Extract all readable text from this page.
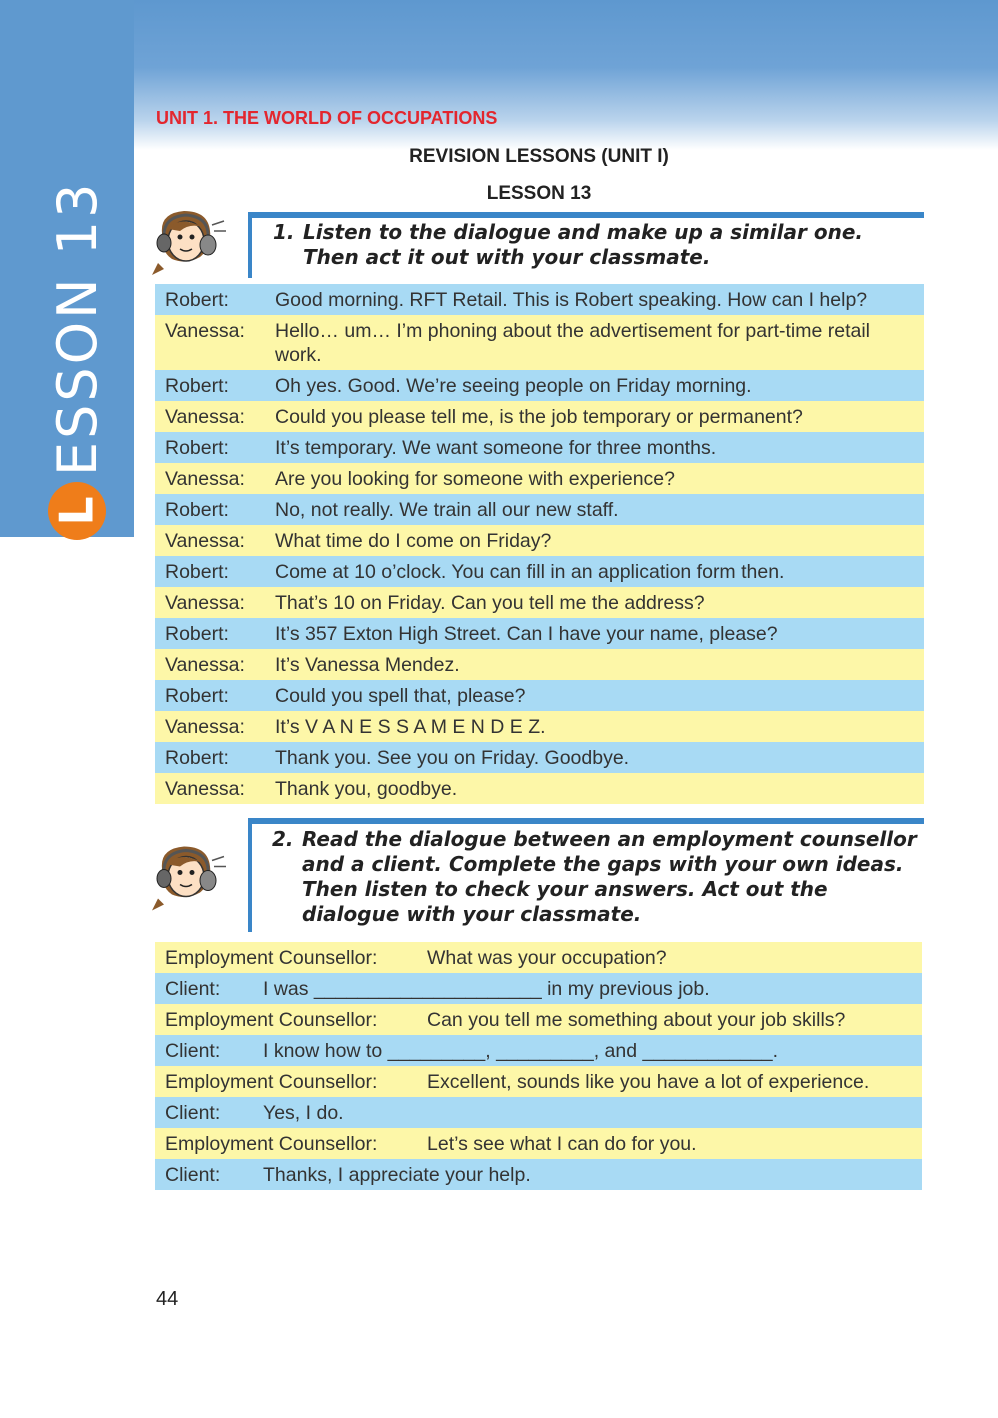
L
ESSON 13
UNIT 1. THE WORLD OF OCCUPATIONS
REVISION LESSONS (UNIT I)
LESSON 13
1. Listen to the dialogue and make up a similar one. Then act it out with your classmate.
Robert:	Good morning. RFT Retail. This is Robert speaking. How can I help?
Vanessa:	Hello… um… I’m phoning about the advertisement for part-time retail work.
Robert:	Oh yes. Good. We’re seeing people on Friday morning.
Vanessa:	Could you please tell me, is the job temporary or permanent?
Robert:	It’s temporary. We want someone for three months.
Vanessa:	Are you looking for someone with experience?
Robert:	No, not really. We train all our new staff.
Vanessa:	What time do I come on Friday?
Robert:	Come at 10 o’clock. You can fill in an application form then.
Vanessa:	That’s 10 on Friday. Can you tell me the address?
Robert:	It’s 357 Exton High Street. Can I have your name, please?
Vanessa:	It’s Vanessa Mendez.
Robert:	Could you spell that, please?
Vanessa:	It’s V A N E S S A M E N D E Z.
Robert:	Thank you. See you on Friday. Goodbye.
Vanessa:	Thank you, goodbye.
2. Read the dialogue between an employment counsellor and a client. Complete the gaps with your own ideas. Then listen to check your answers. Act out the dialogue with your classmate.
Employment Counsellor:	What was your occupation?
Client:	I was _____________________ in my previous job.
Employment Counsellor:	Can you tell me something about your job skills?
Client:	I know how to _________, _________, and ____________.
Employment Counsellor:	Excellent, sounds like you have a lot of experience.
Client:	Yes, I do.
Employment Counsellor:	Let’s see what I can do for you.
Client:	Thanks, I appreciate your help.
44
